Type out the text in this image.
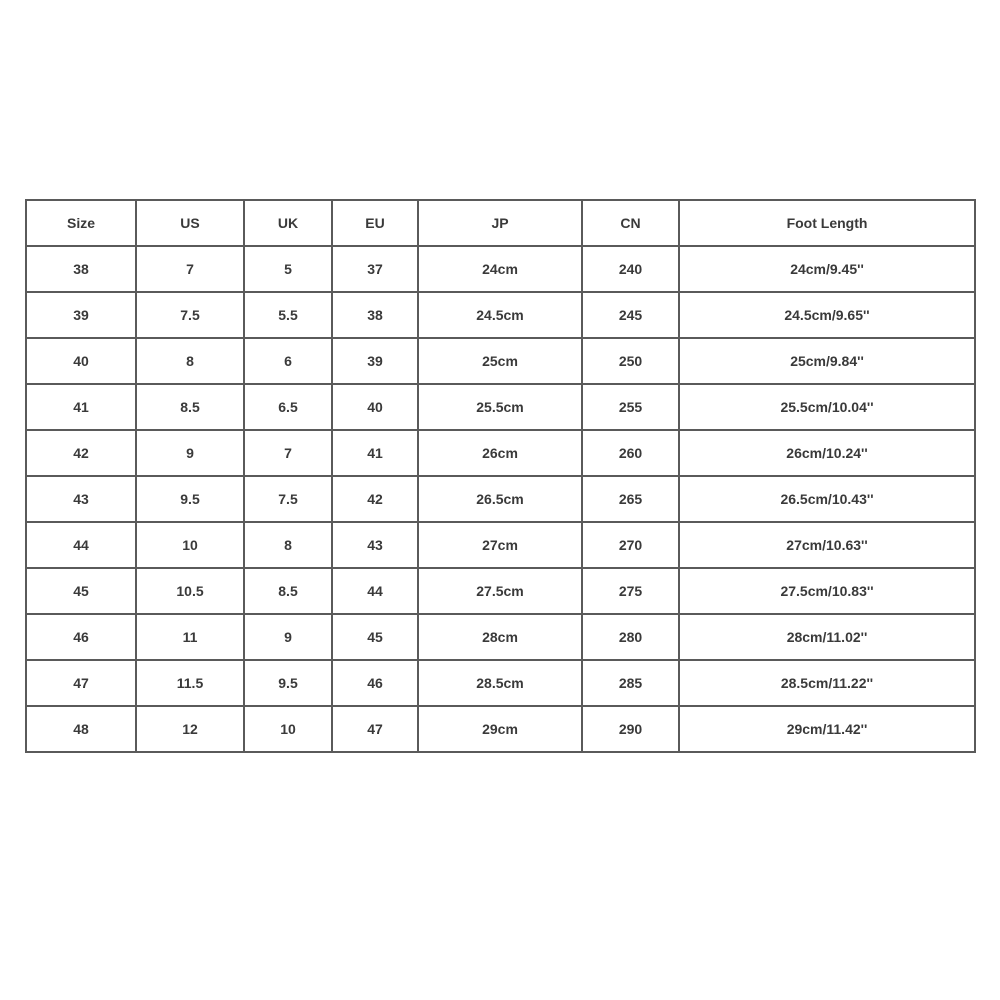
Size	US	UK	EU	JP	CN	Foot Length
38	7	5	37	24cm	240	24cm/9.45''
39	7.5	5.5	38	24.5cm	245	24.5cm/9.65''
40	8	6	39	25cm	250	25cm/9.84''
41	8.5	6.5	40	25.5cm	255	25.5cm/10.04''
42	9	7	41	26cm	260	26cm/10.24''
43	9.5	7.5	42	26.5cm	265	26.5cm/10.43''
44	10	8	43	27cm	270	27cm/10.63''
45	10.5	8.5	44	27.5cm	275	27.5cm/10.83''
46	11	9	45	28cm	280	28cm/11.02''
47	11.5	9.5	46	28.5cm	285	28.5cm/11.22''
48	12	10	47	29cm	290	29cm/11.42''
